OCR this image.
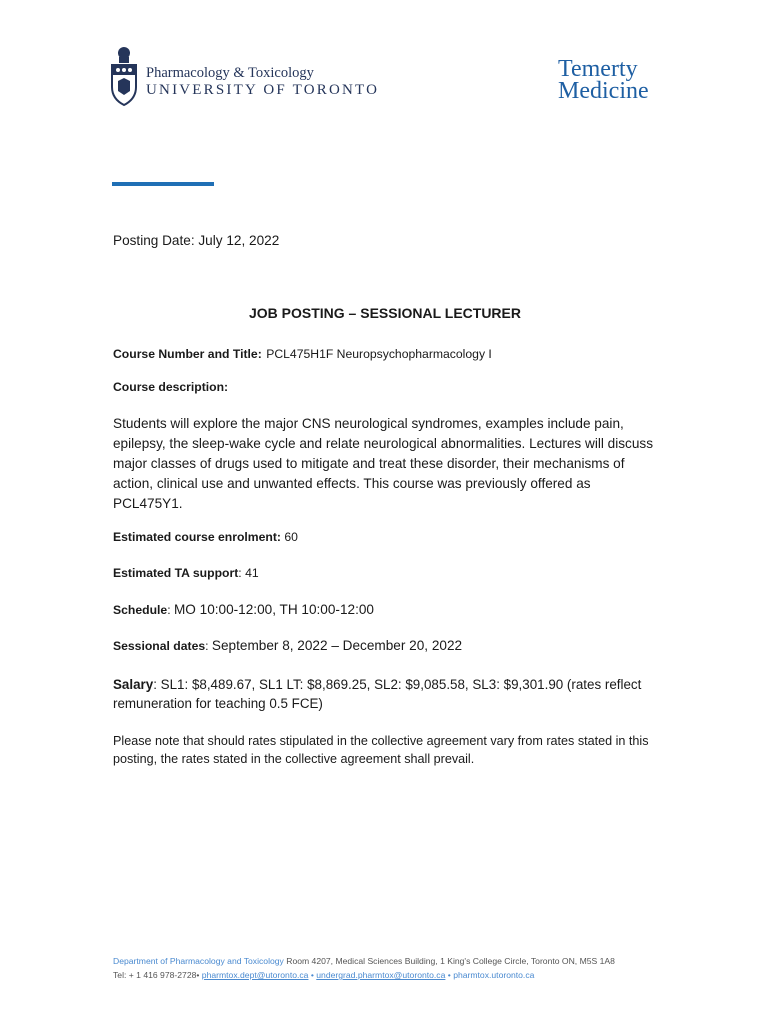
Pharmacology & Toxicology
UNIVERSITY OF TORONTO
Temerty
Medicine
Posting Date: July 12, 2022
JOB POSTING – SESSIONAL LECTURER
Course Number and Title: PCL475H1F Neuropsychopharmacology I
Course description:
Students will explore the major CNS neurological syndromes, examples include pain, epilepsy, the sleep-wake cycle and relate neurological abnormalities. Lectures will discuss major classes of drugs used to mitigate and treat these disorder, their mechanisms of action, clinical use and unwanted effects. This course was previously offered as PCL475Y1.
Estimated course enrolment: 60
Estimated TA support: 41
Schedule: MO 10:00-12:00, TH 10:00-12:00
Sessional dates: September 8, 2022 – December 20, 2022
Salary: SL1: $8,489.67, SL1 LT: $8,869.25, SL2: $9,085.58, SL3: $9,301.90 (rates reflect remuneration for teaching 0.5 FCE)
Please note that should rates stipulated in the collective agreement vary from rates stated in this posting, the rates stated in the collective agreement shall prevail.
Department of Pharmacology and Toxicology Room 4207, Medical Sciences Building, 1 King's College Circle, Toronto ON, M5S 1A8
Tel: + 1 416 978-2728• pharmtox.dept@utoronto.ca • undergrad.pharmtox@utoronto.ca • pharmtox.utoronto.ca
